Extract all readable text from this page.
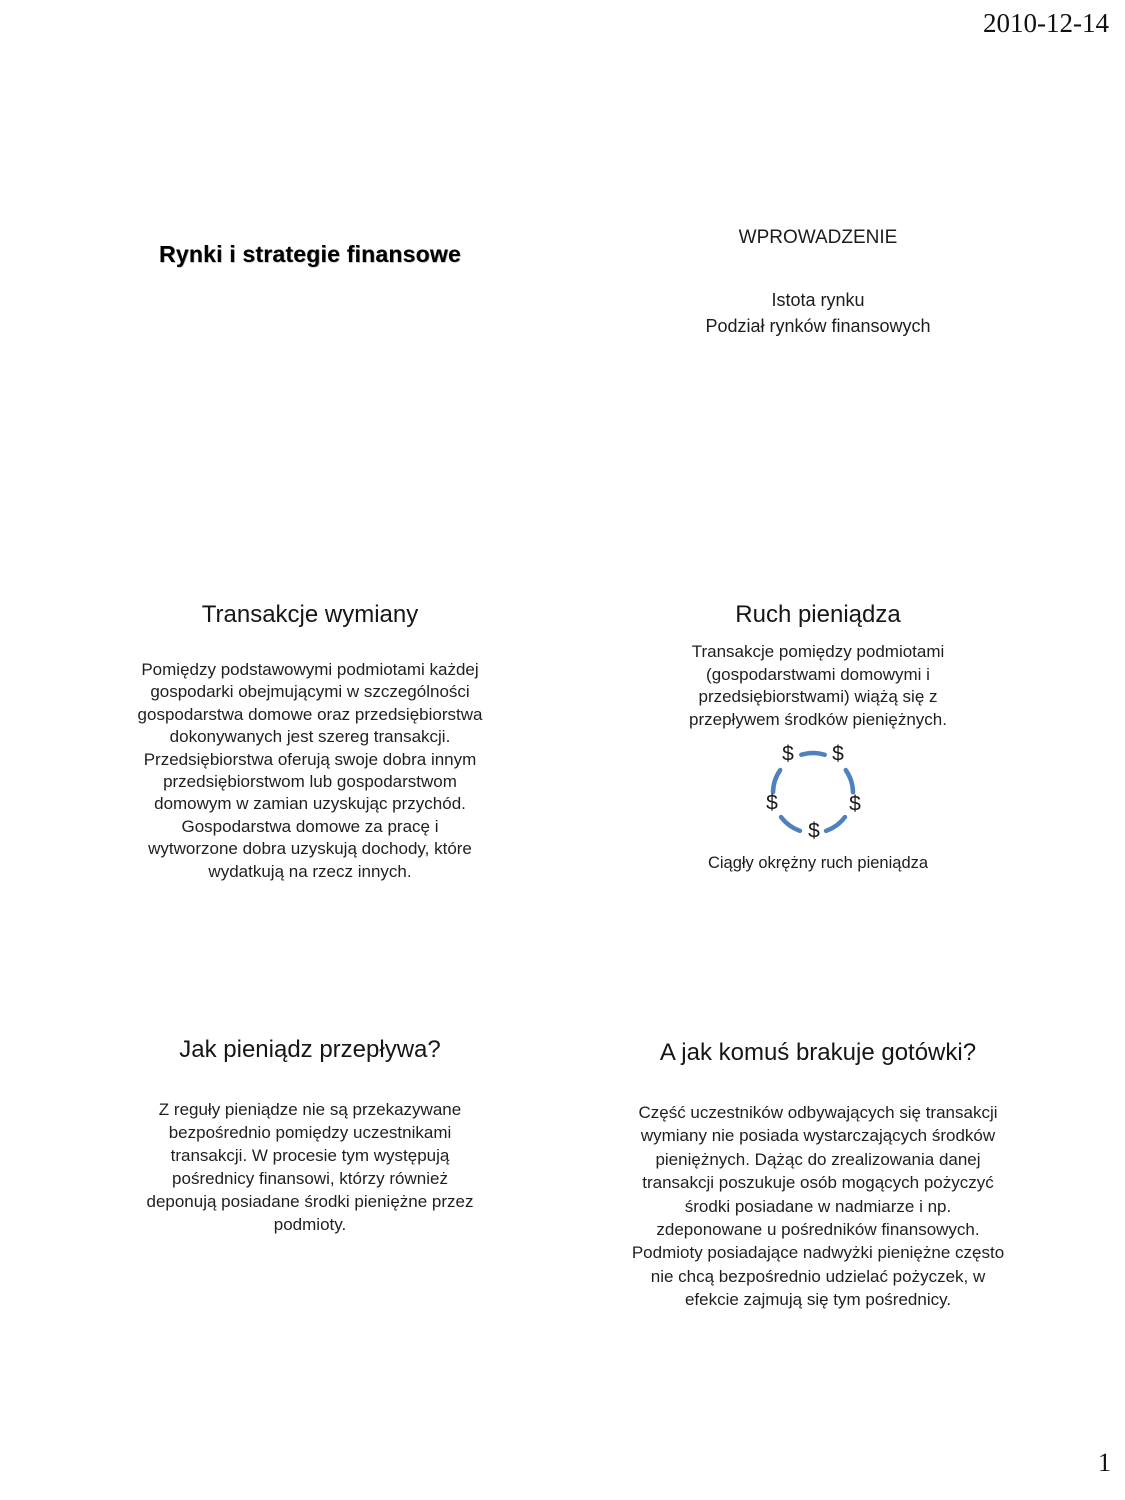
2010-12-14
Rynki i strategie finansowe
WPROWADZENIE
Istota rynku
Podział rynków finansowych
Transakcje wymiany
Pomiędzy podstawowymi podmiotami każdej
gospodarki obejmującymi w szczególności
gospodarstwa domowe oraz przedsiębiorstwa
dokonywanych jest szereg transakcji.
Przedsiębiorstwa oferują swoje dobra innym
przedsiębiorstwom lub gospodarstwom
domowym w zamian uzyskując przychód.
Gospodarstwa domowe za pracę i
wytworzone dobra uzyskują dochody, które
wydatkują na rzecz innych.
Ruch pieniądza
Transakcje pomiędzy podmiotami
(gospodarstwami domowymi i
przedsiębiorstwami) wiążą się z
przepływem środków pieniężnych.
$ $
$	$
$
Ciągły okrężny ruch pieniądza
Jak pieniądz przepływa?
Z reguły pieniądze nie są przekazywane
bezpośrednio pomiędzy uczestnikami
transakcji. W procesie tym występują
pośrednicy finansowi, którzy również
deponują posiadane środki pieniężne przez
podmioty.
A jak komuś brakuje gotówki?
Część uczestników odbywających się transakcji
wymiany nie posiada wystarczających środków
pieniężnych. Dążąc do zrealizowania danej
transakcji poszukuje osób mogących pożyczyć
środki posiadane w nadmiarze i np.
zdeponowane u pośredników finansowych.
Podmioty posiadające nadwyżki pieniężne często
nie chcą bezpośrednio udzielać pożyczek, w
efekcie zajmują się tym pośrednicy.
1
